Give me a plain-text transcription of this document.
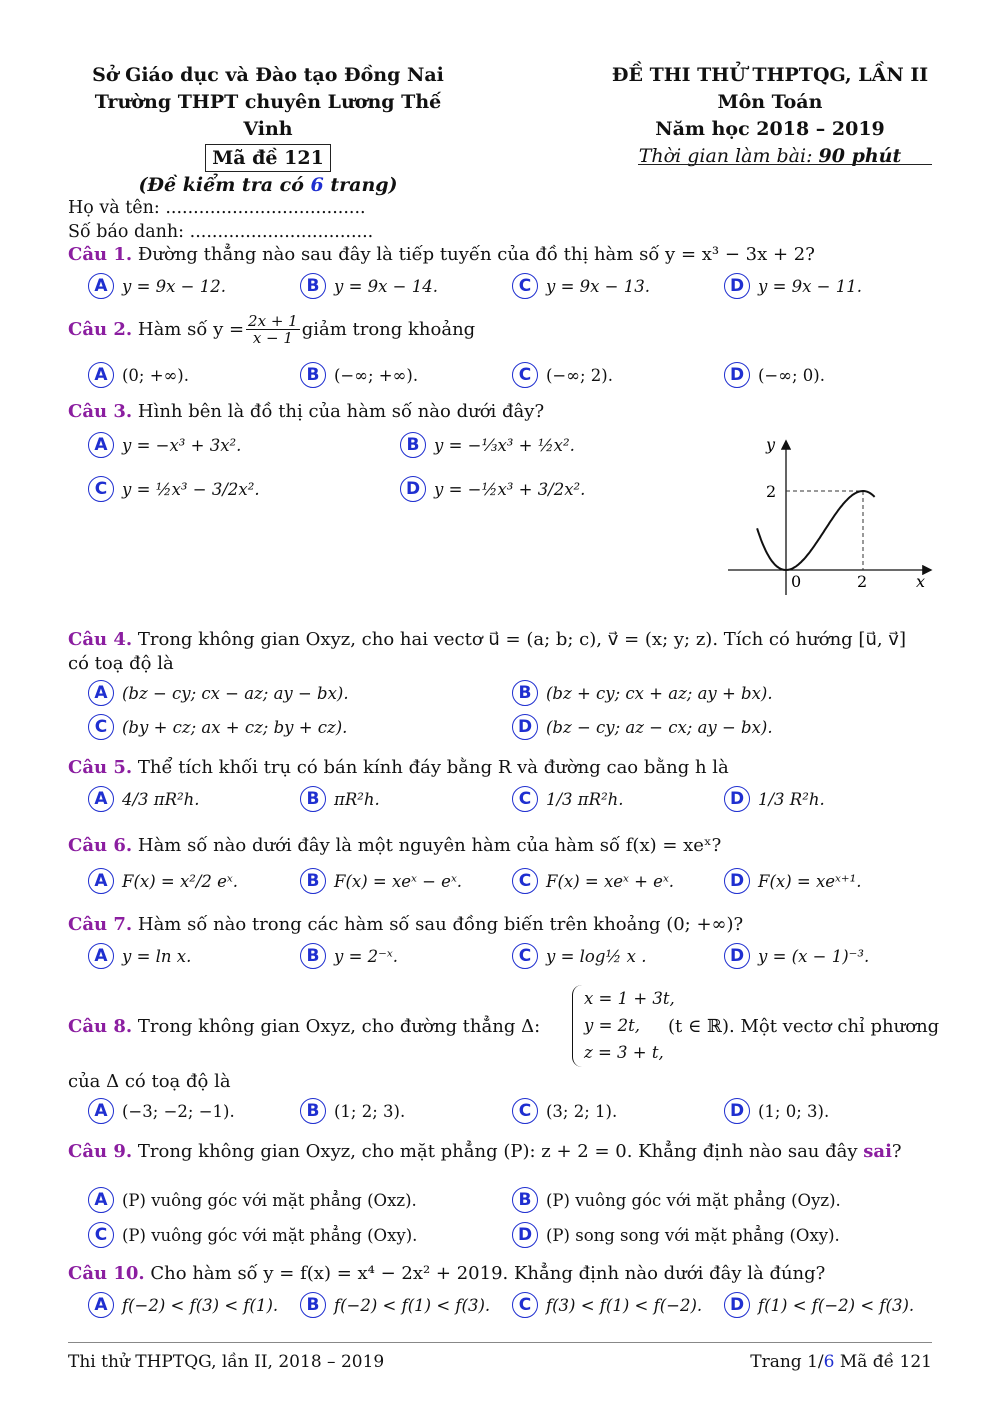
Sở Giáo dục và Đào tạo Đồng Nai
Trường THPT chuyên Lương Thế Vinh
Mã đề 121
(Đề kiểm tra có 6 trang)
ĐỀ THI THỬ THPTQG, LẦN II
Môn Toán
Năm học 2018 – 2019
Thời gian làm bài: 90 phút
Họ và tên: ....................................
Số báo danh: .................................
Câu 1. Đường thẳng nào sau đây là tiếp tuyến của đồ thị hàm số y = x³ − 3x + 2?
A y = 9x − 12.	B y = 9x − 14.	C y = 9x − 13.	D y = 9x − 11.
Câu 2.
Hàm số $y = \frac{2x + 1}{x - 1}$ giảm trong khoảng
A (0; +∞).	B (−∞; +∞).	C (−∞; 2).	D (−∞; 0).
Câu 3. Hình bên là đồ thị của hàm số nào dưới đây?
A y = −x³ + 3x².	B y = −⅓x³ + ½x².
C y = ½x³ − 3/2x².	D y = −½x³ + 3/2x².
y
x
2
0	2
Câu 4. Trong không gian Oxyz, cho hai vectơ u⃗ = (a; b; c), v⃗ = (x; y; z). Tích có hướng [u⃗, v⃗] có toạ độ là
A (bz − cy; cx − az; ay − bx).	B (bz + cy; cx + az; ay + bx).
C (by + cz; ax + cz; by + cz).	D (bz − cy; az − cx; ay − bx).
Câu 5. Thể tích khối trụ có bán kính đáy bằng R và đường cao bằng h là
A 4/3 πR²h.	B πR²h.	C 1/3 πR²h.	D 1/3 R²h.
Câu 6. Hàm số nào dưới đây là một nguyên hàm của hàm số f(x) = xeˣ?
A F(x) = x²/2 eˣ.	B F(x) = xeˣ − eˣ.	C F(x) = xeˣ + eˣ.	D F(x) = xeˣ⁺¹.
Câu 7. Hàm số nào trong các hàm số sau đồng biến trên khoảng (0; +∞)?
A y = ln x.	B y = 2⁻ˣ.	C y = log½ x .	D y = (x − 1)⁻³.
Câu 8. Trong không gian Oxyz, cho đường thẳng Δ:
x = 1 + 3t,
y = 2t,
z = 3 + t,
(t ∈ ℝ). Một vectơ chỉ phương
của Δ có toạ độ là
A (−3; −2; −1).	B (1; 2; 3).	C (3; 2; 1).	D (1; 0; 3).
Câu 9. Trong không gian Oxyz, cho mặt phẳng (P): z + 2 = 0. Khẳng định nào sau đây sai?
A (P) vuông góc với mặt phẳng (Oxz).	B (P) vuông góc với mặt phẳng (Oyz).
C (P) vuông góc với mặt phẳng (Oxy).	D (P) song song với mặt phẳng (Oxy).
Câu 10. Cho hàm số y = f(x) = x⁴ − 2x² + 2019. Khẳng định nào dưới đây là đúng?
A f(−2) < f(3) < f(1).	B f(−2) < f(1) < f(3).	C f(3) < f(1) < f(−2).	D f(1) < f(−2) < f(3).
Thi thử THPTQG, lần II, 2018 – 2019	Trang 1/6 Mã đề 121
